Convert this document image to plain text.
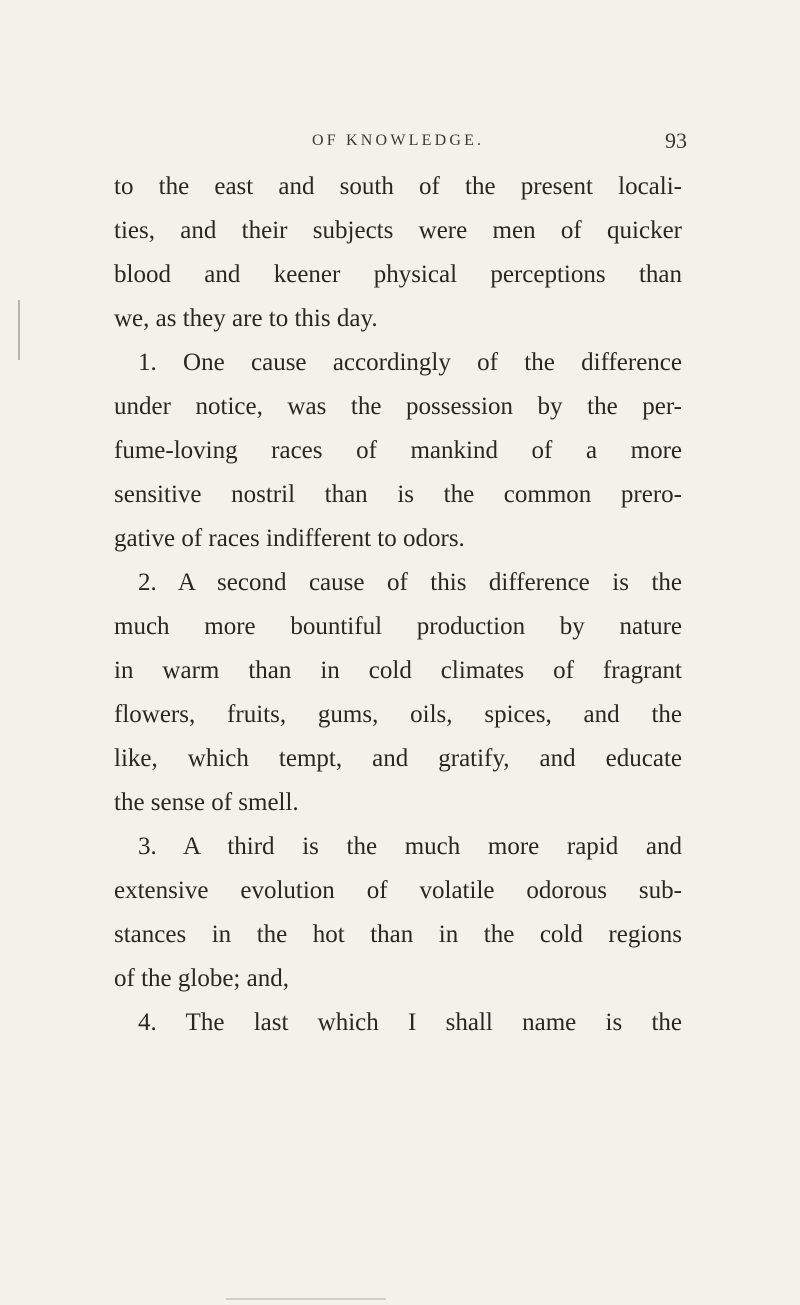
OF KNOWLEDGE.	93
to the east and south of the present locali-
ties, and their subjects were men of quicker
blood and keener physical perceptions than
we, as they are to this day.
1. One cause accordingly of the difference
under notice, was the possession by the per-
fume-loving races of mankind of a more
sensitive nostril than is the common prero-
gative of races indifferent to odors.
2. A second cause of this difference is the
much more bountiful production by nature
in warm than in cold climates of fragrant
flowers, fruits, gums, oils, spices, and the
like, which tempt, and gratify, and educate
the sense of smell.
3. A third is the much more rapid and
extensive evolution of volatile odorous sub-
stances in the hot than in the cold regions
of the globe; and,
4. The last which I shall name is the
